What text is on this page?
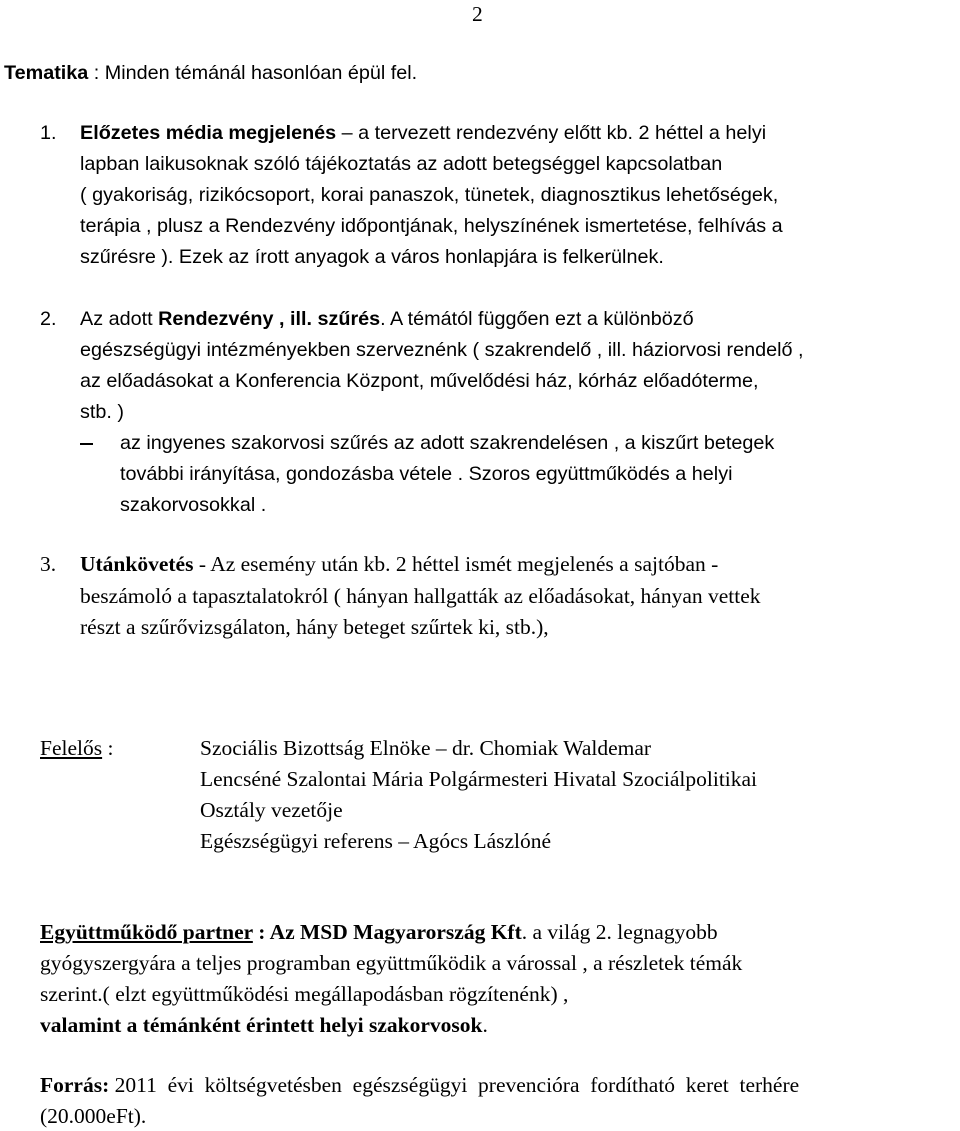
2
Tematika : Minden témánál hasonlóan épül fel.
1. Előzetes média megjelenés – a tervezett rendezvény előtt kb. 2 héttel a helyi
lapban laikusoknak szóló tájékoztatás az adott betegséggel kapcsolatban
( gyakoriság, rizikócsoport, korai panaszok, tünetek, diagnosztikus lehetőségek,
terápia , plusz a Rendezvény időpontjának, helyszínének ismertetése, felhívás a
szűrésre ). Ezek az írott anyagok a város honlapjára is felkerülnek.
2. Az adott Rendezvény , ill. szűrés. A témától függően ezt a különböző
egészségügyi intézményekben szerveznénk ( szakrendelő , ill. háziorvosi rendelő ,
az előadásokat a Konferencia Központ, művelődési ház, kórház előadóterme,
stb. )
az ingyenes szakorvosi szűrés az adott szakrendelésen , a kiszűrt betegek
további irányítása, gondozásba vétele . Szoros együttműködés a helyi
szakorvosokkal .
3. Utánkövetés - Az esemény után kb. 2 héttel ismét megjelenés a sajtóban -
beszámoló a tapasztalatokról ( hányan hallgatták az előadásokat, hányan vettek
részt a szűrővizsgálaton, hány beteget szűrtek ki, stb.),
Felelős :	Szociális Bizottság Elnöke – dr. Chomiak Waldemar
Lencséné Szalontai Mária Polgármesteri Hivatal Szociálpolitikai
Osztály vezetője
Egészségügyi referens – Agócs Lászlóné
Együttműködő partner : Az MSD Magyarország Kft. a világ 2. legnagyobb
gyógyszergyára a teljes programban együttműködik a várossal , a részletek témák
szerint.( elzt együttműködési megállapodásban rögzítenénk) ,
valamint a témánként érintett helyi szakorvosok.
Forrás: 2011  évi  költségvetésben  egészségügyi  prevencióra  fordítható  keret  terhére
(20.000eFt).
